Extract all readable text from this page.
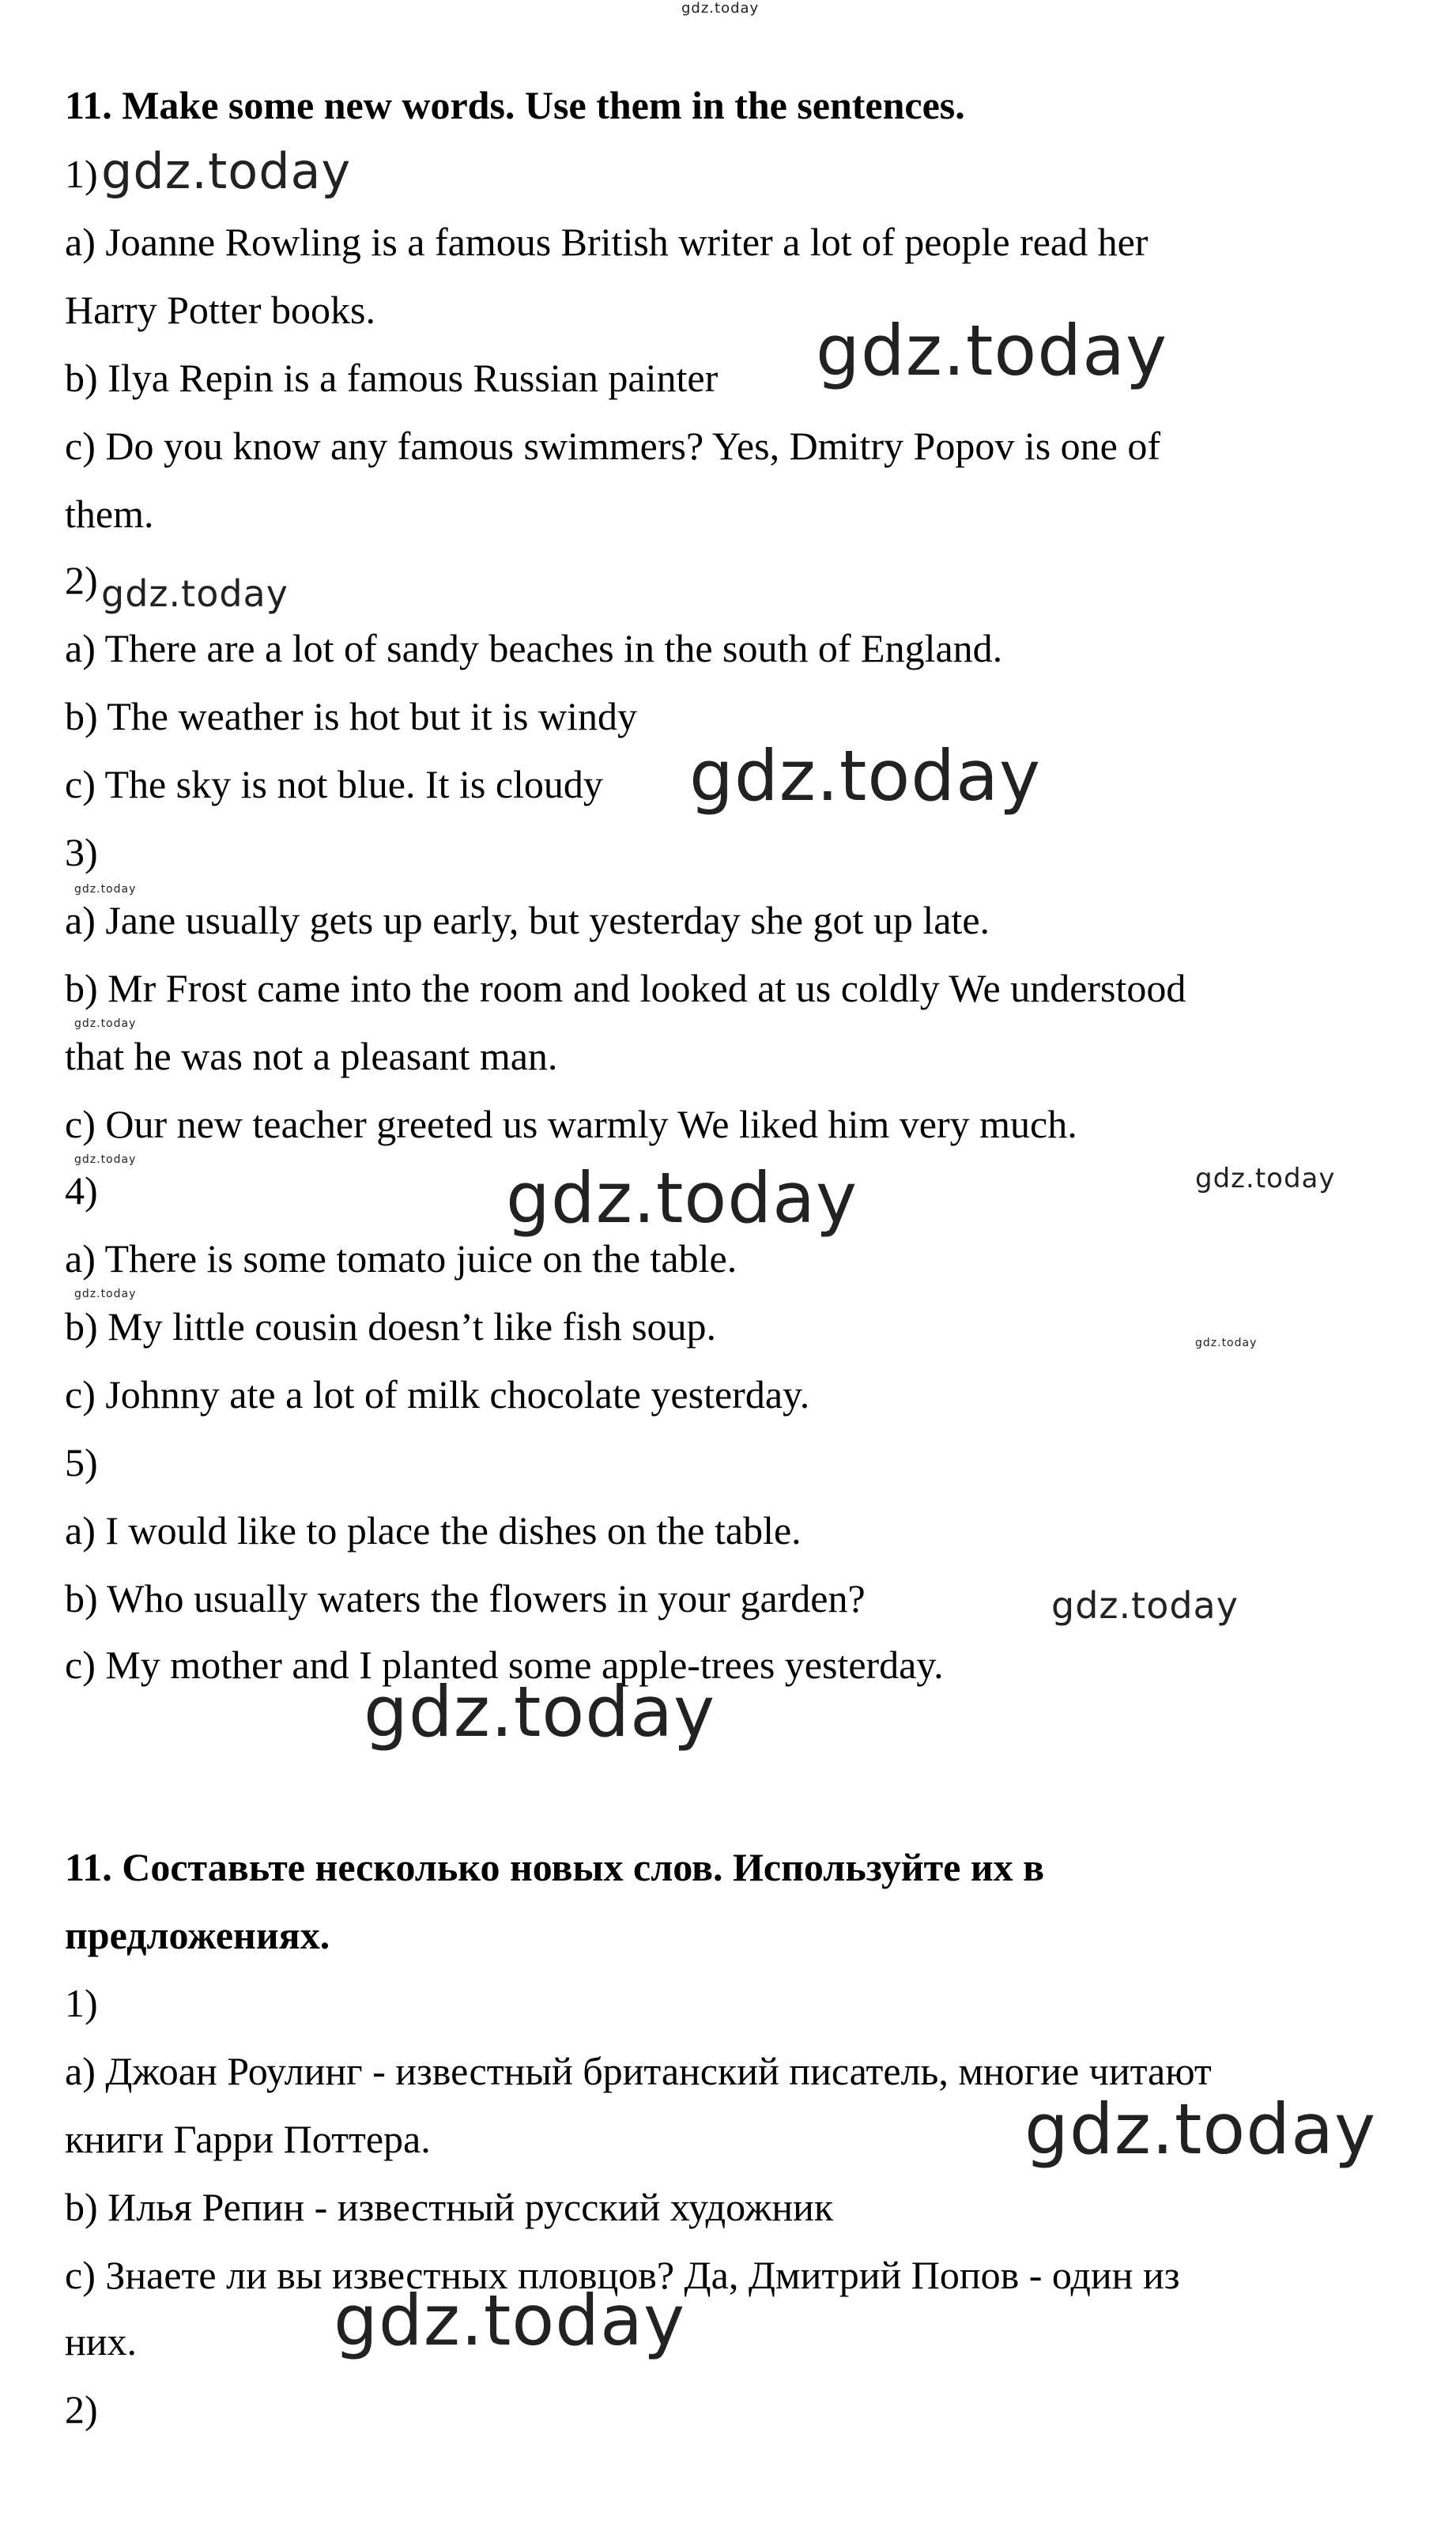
11. Make some new words. Use them in the sentences.
1)
a) Joanne Rowling is a famous British writer a lot of people read her
Harry Potter books.
b) Ilya Repin is a famous Russian painter
c) Do you know any famous swimmers? Yes, Dmitry Popov is one of
them.
2)
a) There are a lot of sandy beaches in the south of England.
b) The weather is hot but it is windy
c) The sky is not blue. It is cloudy
3)
a) Jane usually gets up early, but yesterday she got up late.
b) Mr Frost came into the room and looked at us coldly We understood
that he was not a pleasant man.
c) Our new teacher greeted us warmly We liked him very much.
4)
a) There is some tomato juice on the table.
b) My little cousin doesn’t like fish soup.
c) Johnny ate a lot of milk chocolate yesterday.
5)
a) I would like to place the dishes on the table.
b) Who usually waters the flowers in your garden?
c) My mother and I planted some apple-trees yesterday.
11. Составьте несколько новых слов. Используйте их в
предложениях.
1)
a) Джоан Роулинг - известный британский писатель, многие читают
книги Гарри Поттера.
b) Илья Репин - известный русский художник
c) Знаете ли вы известных пловцов? Да, Дмитрий Попов - один из
них.
2)
gdz.today
gdz.today
gdz.today
gdz.today
gdz.today
gdz.today
gdz.today
gdz.today	gdz.today	gdz.today
gdz.today
gdz.today
gdz.today
gdz.today
gdz.today
gdz.today
